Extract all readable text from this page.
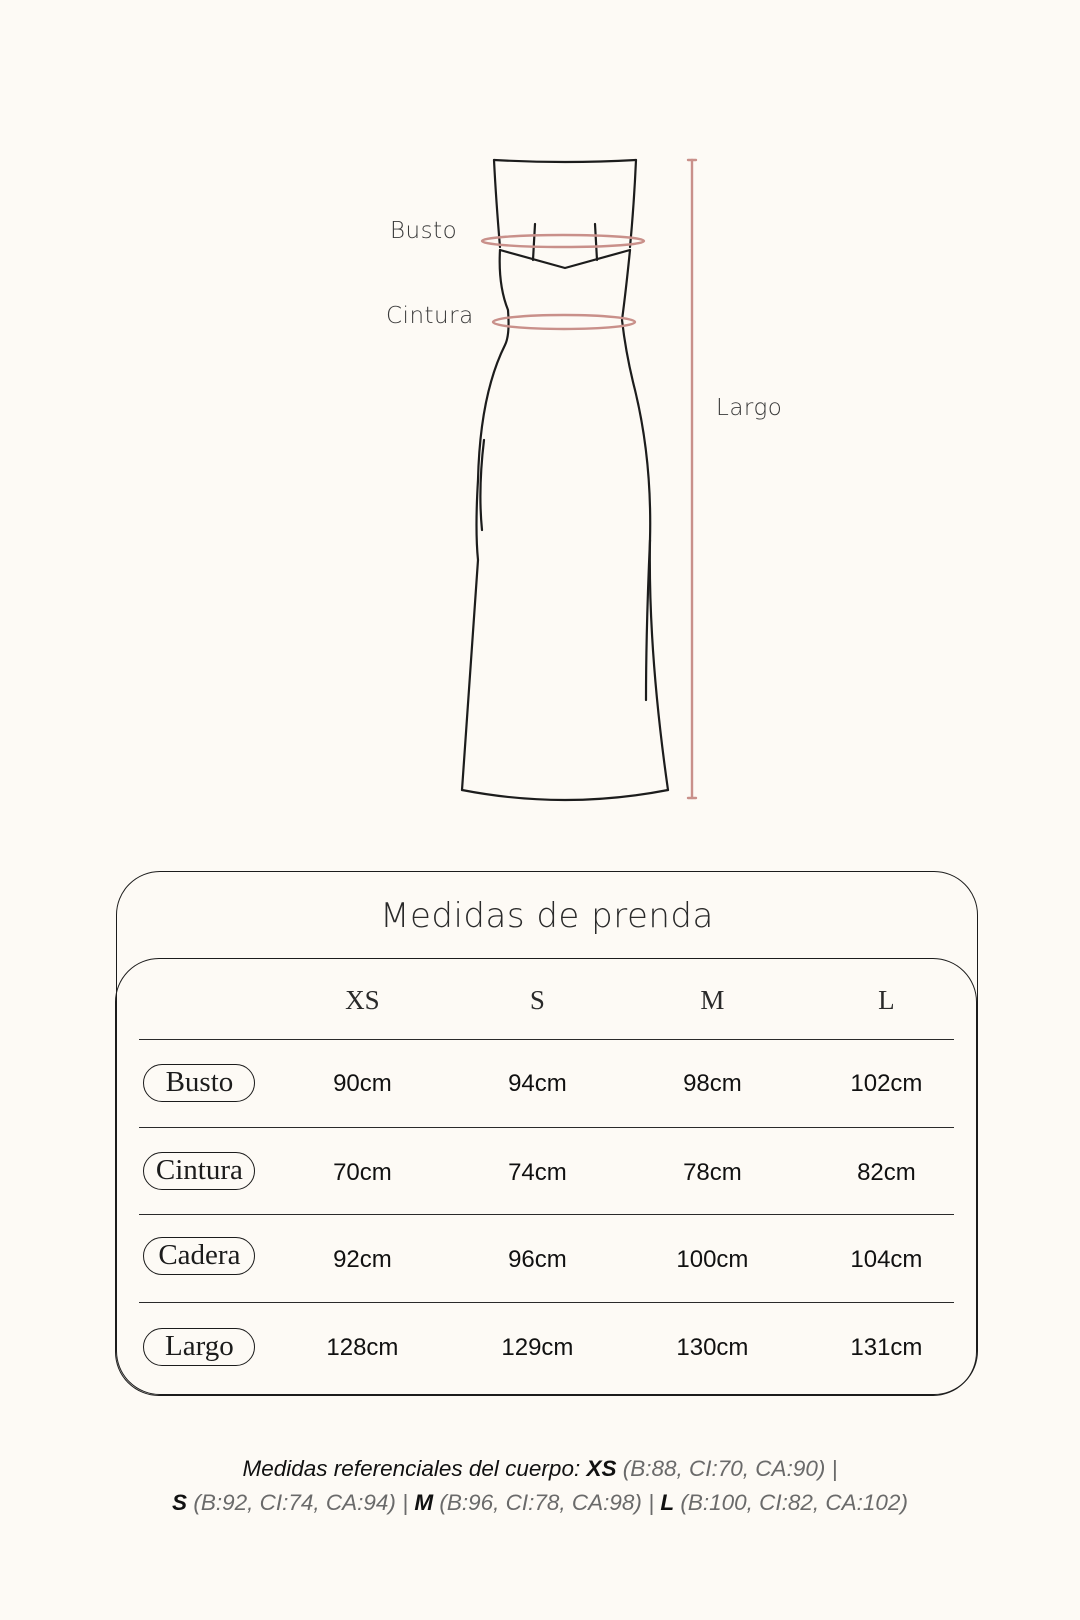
Busto
Cintura
Largo
Medidas de prenda
XS	S	M	L
Busto	90cm	94cm	98cm	102cm
Cintura	70cm	74cm	78cm	82cm
Cadera	92cm	96cm	100cm	104cm
Largo	128cm	129cm	130cm	131cm
Medidas referenciales del cuerpo: XS (B:88, CI:70, CA:90) |
S (B:92, CI:74, CA:94) | M (B:96, CI:78, CA:98) | L (B:100, CI:82, CA:102)
